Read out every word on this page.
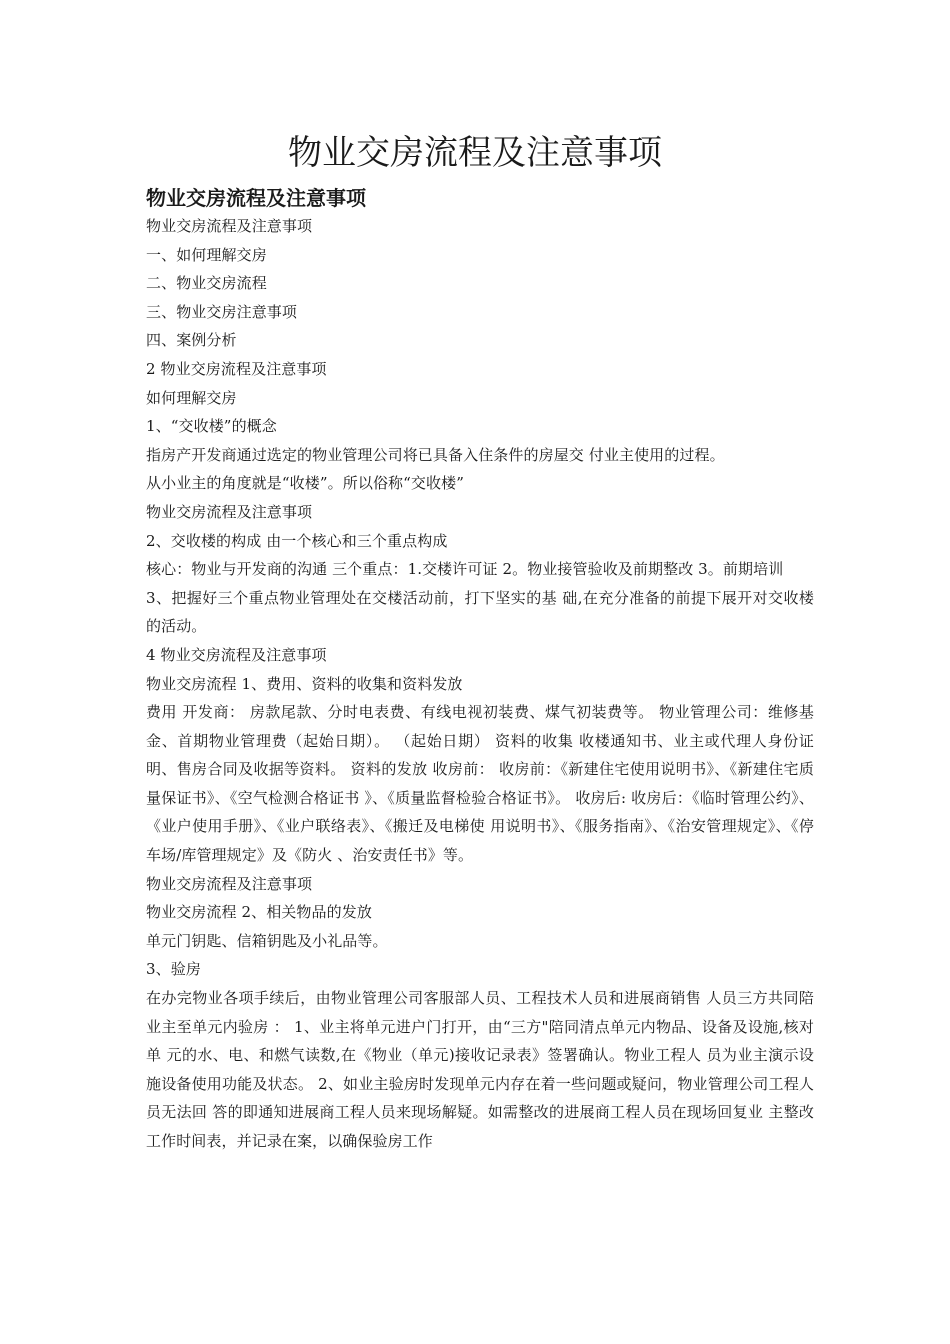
物业交房流程及注意事项
物业交房流程及注意事项

物业交房流程及注意事项

一、如何理解交房

二、物业交房流程

三、物业交房注意事项

四、案例分析

2 物业交房流程及注意事项

如何理解交房

1、“交收楼”的概念

指房产开发商通过选定的物业管理公司将已具备入住条件的房屋交 付业主使用的过程。

从小业主的角度就是“收楼”。所以俗称“交收楼”

物业交房流程及注意事项

2、交收楼的构成 由一个核心和三个重点构成

核心：物业与开发商的沟通 三个重点：1.交楼许可证 2。物业接管验收及前期整改 3。前期培训

3、把握好三个重点物业管理处在交楼活动前，打下坚实的基 础,在充分准备的前提下展开对交收楼的活动。

4 物业交房流程及注意事项

物业交房流程 1、费用、资料的收集和资料发放

费用 开发商： 房款尾款、分时电表费、有线电视初装费、煤气初装费等。 物业管理公司：维修基金、首期物业管理费（起始日期）。 （起始日期） 资料的收集 收楼通知书、业主或代理人身份证明、售房合同及收据等资料。 资料的发放 收房前： 收房前：《新建住宅使用说明书》、《新建住宅质量保证书》、《空气检测合格证书 》、《质量监督检验合格证书》。 收房后: 收房后：《临时管理公约》、《业户使用手册》、《业户联络表》、《搬迁及电梯使 用说明书》、《服务指南》、《治安管理规定》、《停车场/库管理规定》及《防火 、治安责任书》等。

物业交房流程及注意事项

物业交房流程 2、相关物品的发放

单元门钥匙、信箱钥匙及小礼品等。

3、验房

在办完物业各项手续后，由物业管理公司客服部人员、工程技术人员和进展商销售 人员三方共同陪业主至单元内验房 ： 1、业主将单元进户门打开，由“三方"陪同清点单元内物品、设备及设施,核对单 元的水、电、和燃气读数,在《物业（单元)接收记录表》签署确认。物业工程人 员为业主演示设施设备使用功能及状态。 2、如业主验房时发现单元内存在着一些问题或疑问，物业管理公司工程人员无法回 答的即通知进展商工程人员来现场解疑。如需整改的进展商工程人员在现场回复业 主整改工作时间表，并记录在案，以确保验房工作
